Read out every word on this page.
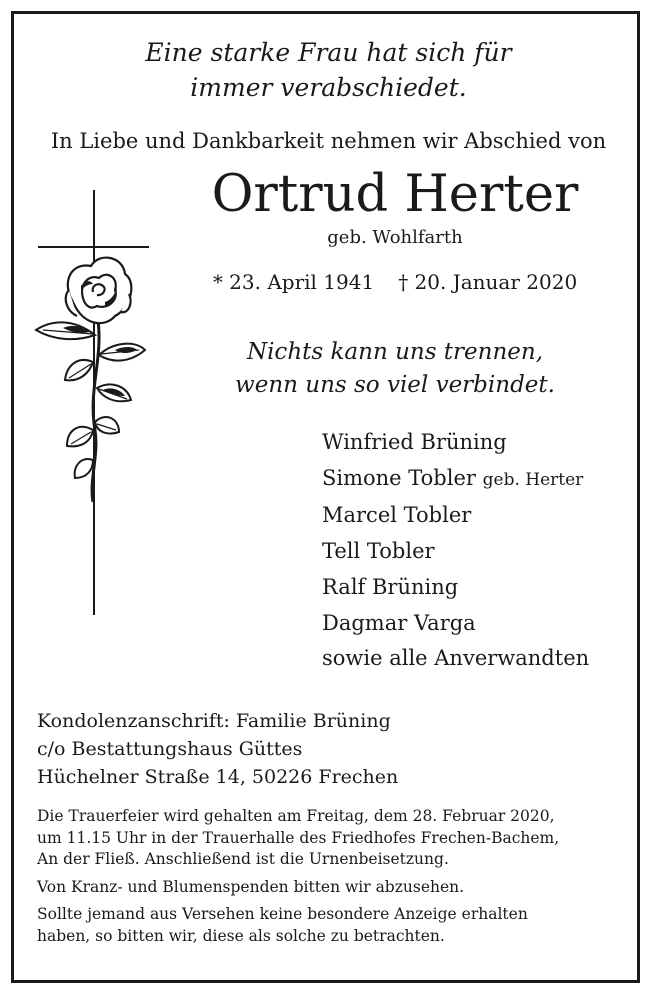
Eine starke Frau hat sich für
immer verabschiedet.
In Liebe und Dankbarkeit nehmen wir Abschied von
Ortrud Herter
geb. Wohlfarth
* 23. April 1941 † 20. Januar 2020
Nichts kann uns trennen,
wenn uns so viel verbindet.
Winfried Brüning
Simone Tobler geb. Herter
Marcel Tobler
Tell Tobler
Ralf Brüning
Dagmar Varga
sowie alle Anverwandten
Kondolenzanschrift: Familie Brüning
c/o Bestattungshaus Güttes
Hüchelner Straße 14, 50226 Frechen

Die Trauerfeier wird gehalten am Freitag, dem 28. Februar 2020,
um 11.15 Uhr in der Trauerhalle des Friedhofes Frechen-Bachem,
An der Fließ. Anschließend ist die Urnenbeisetzung.

Von Kranz- und Blumenspenden bitten wir abzusehen.

Sollte jemand aus Versehen keine besondere Anzeige erhalten
haben, so bitten wir, diese als solche zu betrachten.
